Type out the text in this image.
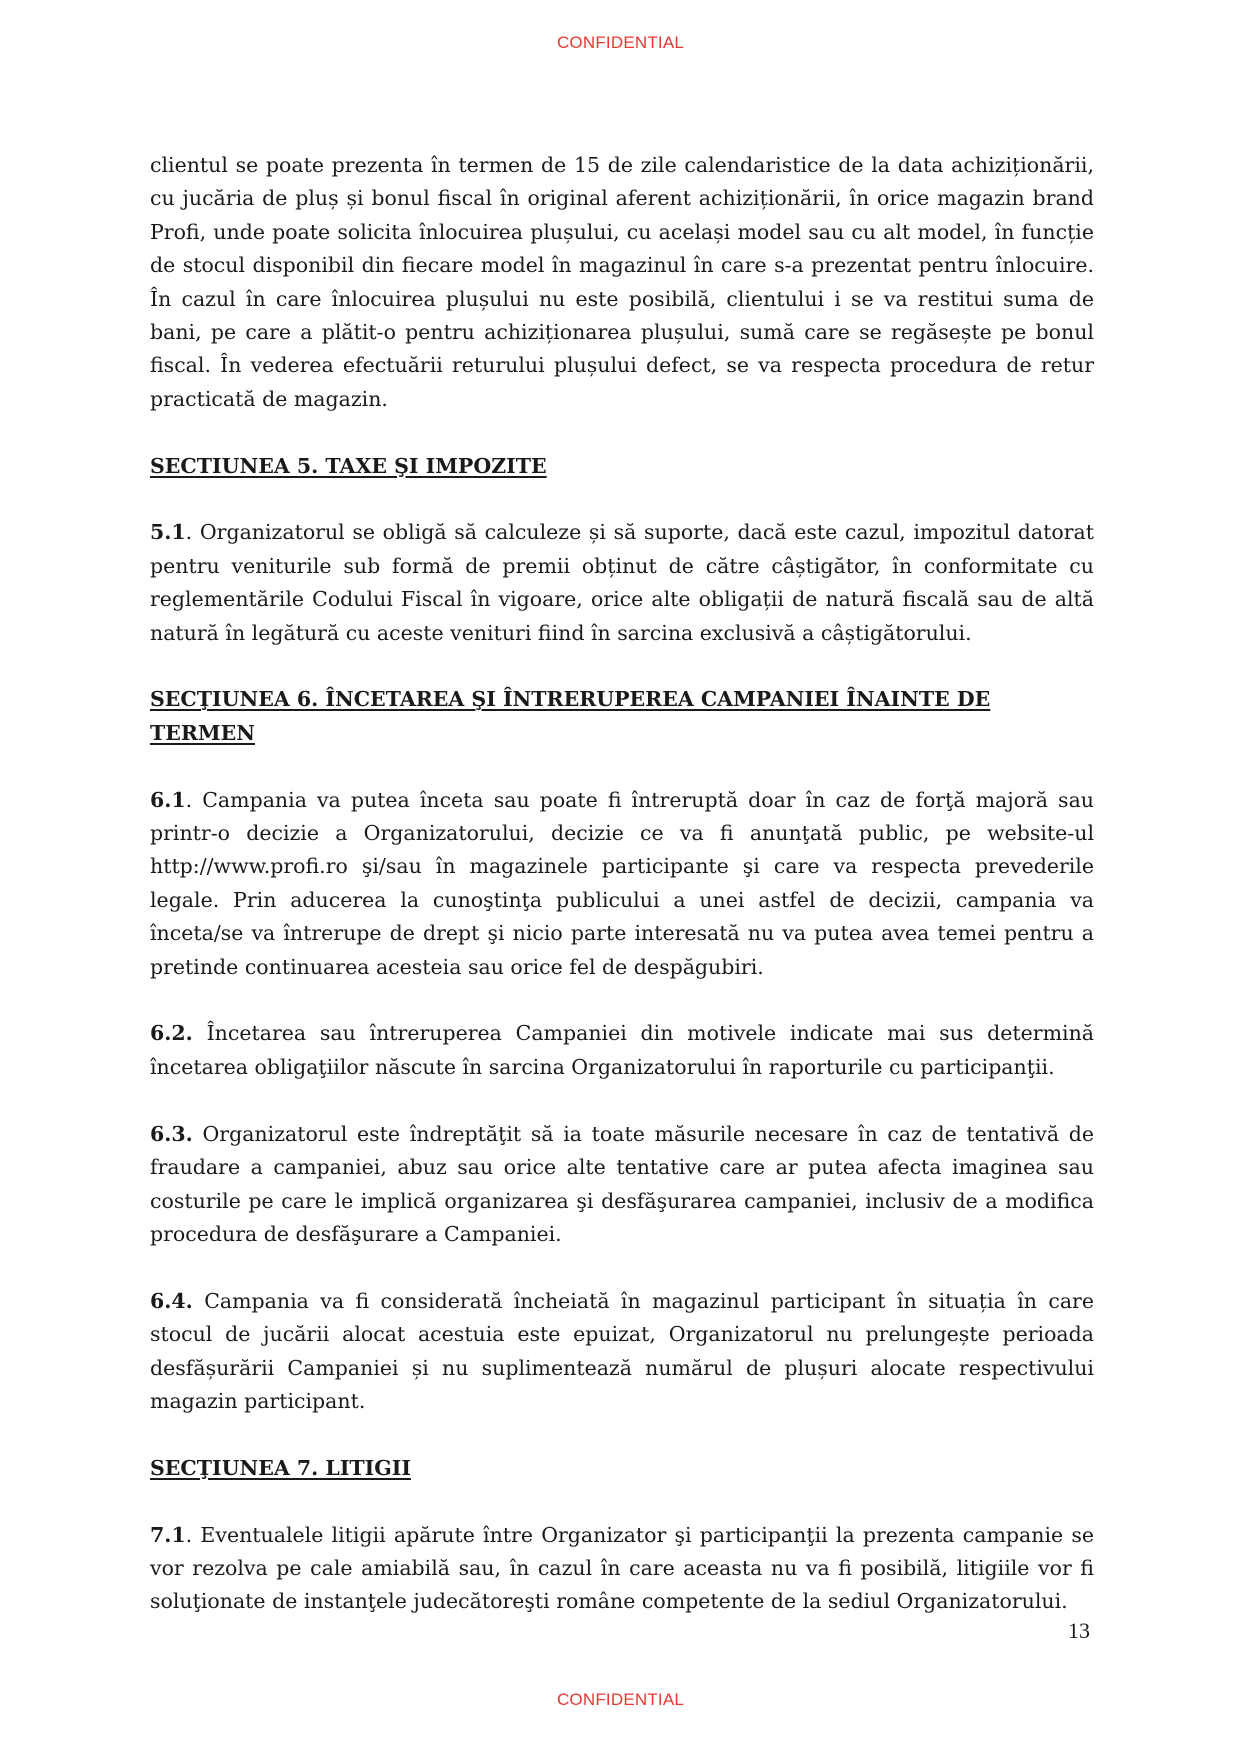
CONFIDENTIAL

clientul se poate prezenta în termen de 15 de zile calendaristice de la data achiziționării, cu jucăria de pluș și bonul fiscal în original aferent achiziționării, în orice magazin brand Profi, unde poate solicita înlocuirea plușului, cu același model sau cu alt model, în funcție de stocul disponibil din fiecare model în magazinul în care s-a prezentat pentru înlocuire. În cazul în care înlocuirea plușului nu este posibilă, clientului i se va restitui suma de bani, pe care a plătit-o pentru achiziționarea plușului, sumă care se regăsește pe bonul fiscal. În vederea efectuării returului plușului defect, se va respecta procedura de retur practicată de magazin.

SECTIUNEA 5. TAXE ŞI IMPOZITE

5.1. Organizatorul se obligă să calculeze și să suporte, dacă este cazul, impozitul datorat pentru veniturile sub formă de premii obținut de către câștigător, în conformitate cu reglementările Codului Fiscal în vigoare, orice alte obligații de natură fiscală sau de altă natură în legătură cu aceste venituri fiind în sarcina exclusivă a câștigătorului.

SECŢIUNEA 6. ÎNCETAREA ŞI ÎNTRERUPEREA CAMPANIEI ÎNAINTE DE TERMEN

6.1. Campania va putea înceta sau poate fi întreruptă doar în caz de forţă majoră sau printr-o decizie a Organizatorului, decizie ce va fi anunţată public, pe website-ul http://www.profi.ro şi/sau în magazinele participante şi care va respecta prevederile legale. Prin aducerea la cunoştinţa publicului a unei astfel de decizii, campania va înceta/se va întrerupe de drept şi nicio parte interesată nu va putea avea temei pentru a pretinde continuarea acesteia sau orice fel de despăgubiri.

6.2. Încetarea sau întreruperea Campaniei din motivele indicate mai sus determină încetarea obligaţiilor născute în sarcina Organizatorului în raporturile cu participanţii.

6.3. Organizatorul este îndreptăţit să ia toate măsurile necesare în caz de tentativă de fraudare a campaniei, abuz sau orice alte tentative care ar putea afecta imaginea sau costurile pe care le implică organizarea şi desfăşurarea campaniei, inclusiv de a modifica procedura de desfăşurare a Campaniei.

6.4. Campania va fi considerată încheiată în magazinul participant în situația în care stocul de jucării alocat acestuia este epuizat, Organizatorul nu prelungește perioada desfășurării Campaniei și nu suplimentează numărul de plușuri alocate respectivului magazin participant.

SECŢIUNEA 7. LITIGII

7.1. Eventualele litigii apărute între Organizator şi participanţii la prezenta campanie se vor rezolva pe cale amiabilă sau, în cazul în care aceasta nu va fi posibilă, litigiile vor fi soluţionate de instanţele judecătoreşti române competente de la sediul Organizatorului.

13
CONFIDENTIAL
